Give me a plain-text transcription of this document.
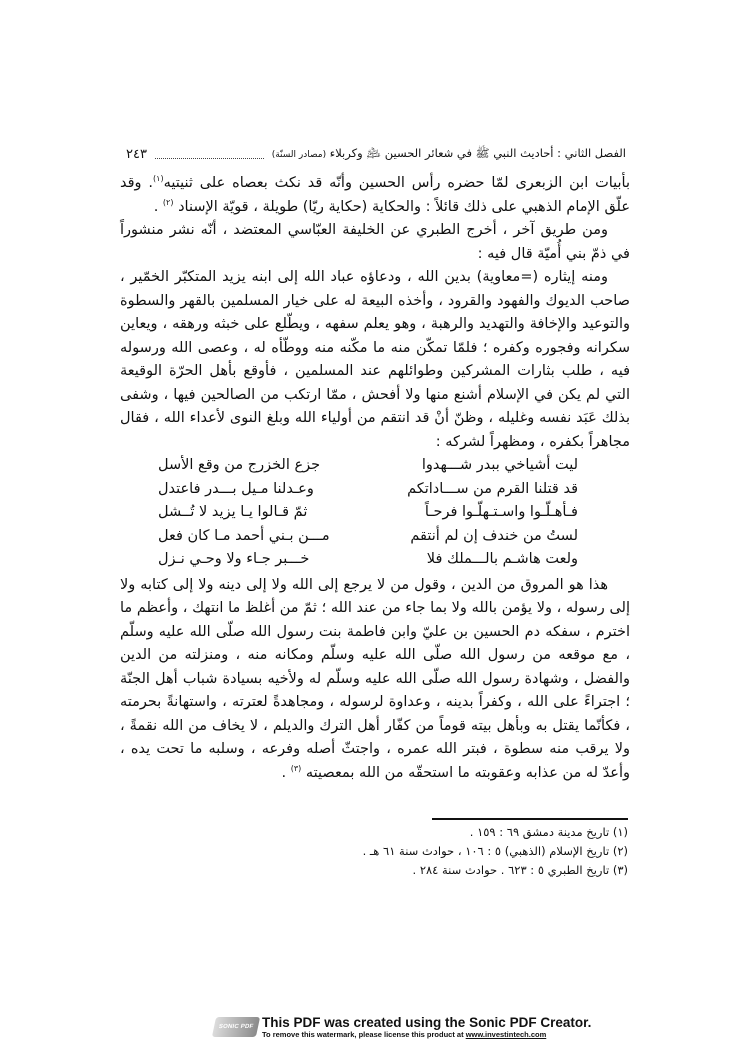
الفصل الثاني : أحاديث النبي ﷺ في شعائر الحسين ﵇ وكربلاء (مصادر السنّة)
٢٤٣

بأبيات ابن الزبعرى لمّا حضره رأس الحسين وأنّه قد نكث بعصاه على ثنيتيه$^{(١)}$. وقد علّق الإمام الذهبي على ذلك قائلاً : والحكاية (حكاية ريّا) طويلة ، قويّة الإسناد $^{(٢)}$ .

ومن طريق آخر ، أخرج الطبري عن الخليفة العبّاسي المعتضد ، أنّه نشر منشوراً في ذمّ بني أُميّة قال فيه :

ومنه إيثاره (=معاوية) بدين الله ، ودعاؤه عباد الله إلى ابنه يزيد المتكبّر الخمّير ، صاحب الديوك والفهود والقرود ، وأخذه البيعة له على خيار المسلمين بالقهر والسطوة والتوعيد والإخافة والتهديد والرهبة ، وهو يعلم سفهه ، ويطّلع على خبثه ورهقه ، ويعاين سكرانه وفجوره وكفره ؛ فلمّا تمكّن منه ما مكّنه منه ووطّأه له ، وعصى الله ورسوله فيه ، طلب بثارات المشركين وطوائلهم عند المسلمين ، فأوقع بأهل الحرّة الوقيعة التي لم يكن في الإسلام أشنع منها ولا أفحش ، ممّا ارتكب من الصالحين فيها ، وشفى بذلك عَبَد نفسه وغليله ، وظنّ أنْ قد انتقم من أولياء الله وبلغ النوى لأعداء الله ، فقال مجاهراً بكفره ، ومظهراً لشركه :

ليت أشياخي ببدر شـــهدوا
جزع الخزرج من وقع الأسل
قد قتلنا القرم من ســـاداتكم
وعـدلنا مـيل بـــدر فاعتدل
فـأهـلّـوا واسـتـهلّـوا فرحـاً
ثمّ قـالوا يـا يزيد لا تُــشل
لستُ من خندف إن لم أنتقم
مـــن بـني أحمد مـا كان فعل
ولعت هاشـم بالـــملك فلا
خـــبر جـاء ولا وحـي نـزل

هذا هو المروق من الدين ، وقول من لا يرجع إلى الله ولا إلى دينه ولا إلى كتابه ولا إلى رسوله ، ولا يؤمن بالله ولا بما جاء من عند الله ؛ ثمّ من أغلظ ما انتهك ، وأعظم ما اخترم ، سفكه دم الحسين بن عليّ وابن فاطمة بنت رسول الله صلّى الله عليه وسلّم ، مع موقعه من رسول الله صلّى الله عليه وسلّم ومكانه منه ، ومنزلته من الدين والفضل ، وشهادة رسول الله صلّى الله عليه وسلّم له ولأخيه بسيادة شباب أهل الجنّة ؛ اجتراءً على الله ، وكفراً بدينه ، وعداوة لرسوله ، ومجاهدةً لعترته ، واستهانةً بحرمته ، فكأنّما يقتل به وبأهل بيته قوماً من كفّار أهل الترك والديلم ، لا يخاف من الله نقمةً ، ولا يرقب منه سطوة ، فبتر الله عمره ، واجتثّ أصله وفرعه ، وسلبه ما تحت يده ، وأعدّ له من عذابه وعقوبته ما استحقّه من الله بمعصيته $^{(٣)}$ .

(١) تاريخ مدينة دمشق ٦٩ : ١٥٩ .
(٢) تاريخ الإسلام (الذهبي) ٥ : ١٠٦ ، حوادث سنة ٦١ هـ .
(٣) تاريخ الطبري ٥ : ٦٢٣ . حوادث سنة ٢٨٤ .
SONIC PDF This PDF was created using the Sonic PDF Creator.
To remove this watermark, please license this product at www.investintech.com
